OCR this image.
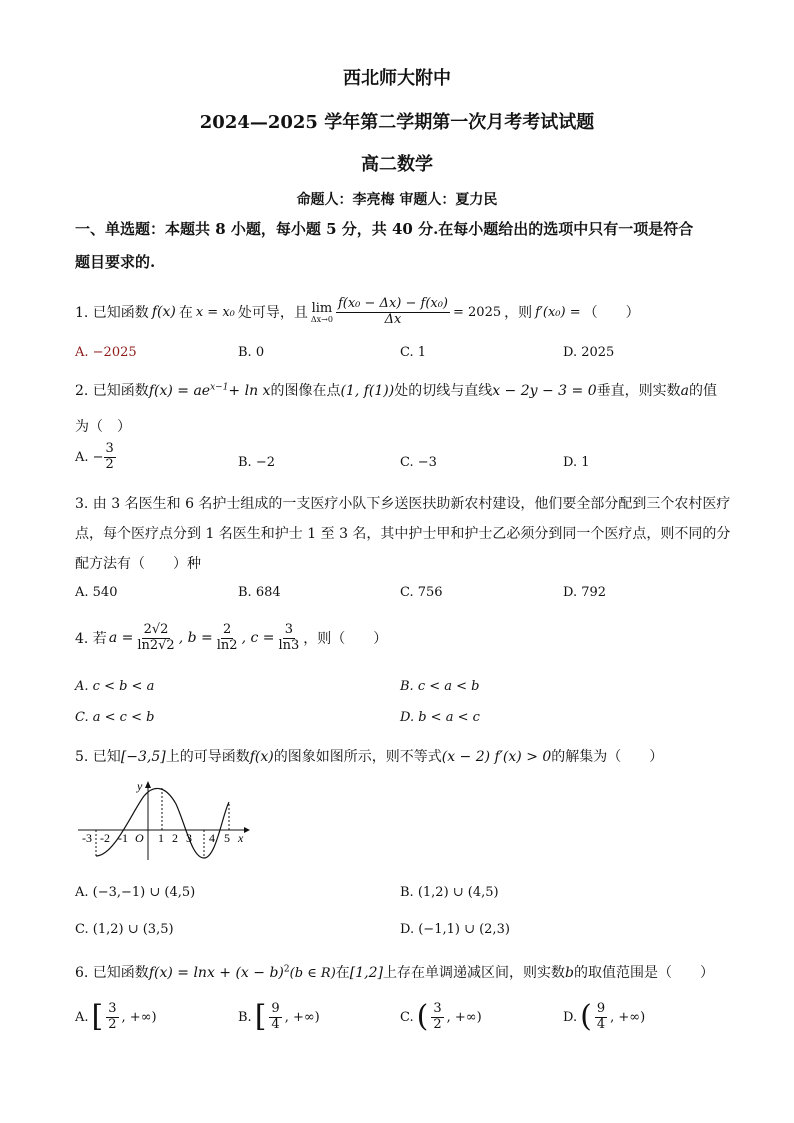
西北师大附中
2024—2025 学年第二学期第一次月考考试试题
高二数学
命题人：李亮梅 审题人：夏力民
一、单选题：本题共 8 小题，每小题 5 分，共 40 分.在每小题给出的选项中只有一项是符合
题目要求的.
1. 已知函数 f(x) 在 x = x₀ 处可导，且 lim
$\Delta x\to 0 \frac{\text{f(x₀ − Δx) − f(x₀)}}{\Delta x} = 2025$ ，则 f′(x₀) = （　　）
A. −2025	B. 0	C. 1	D. 2025
2. 已知函数$f(x) = ae^{x-1}+ \ln x$的图像在点(1, f(1))处的切线与直线x − 2y − 3 = 0垂直，则实数a的值
为（　）
A. − $\frac{3}{2}$	B. −2	C. −3	D. 1
3. 由 3 名医生和 6 名护士组成的一支医疗小队下乡送医扶助新农村建设，他们要全部分配到三个农村医疗
点，每个医疗点分到 1 名医生和护士 1 至 3 名，其中护士甲和护士乙必须分到同一个医疗点，则不同的分
配方法有（　　）种
A. 540	B. 684	C. 756	D. 792
4. 若 $a = \frac{2√2}{\ln 2√2}$ , $b = \frac{2}{\ln 2}$ , $c = \frac{3}{\ln 3}$ ，则（　　）
A. c < b < a	B. c < a < b
C. a < c < b	D. b < a < c
5. 已知[−3,5]上的可导函数f(x)的图象如图所示，则不等式(x − 2) f′(x) > 0的解集为（　　）
y
x
-3 -2 -1 O 1 2 3 4 5
A. (−3,−1) ∪ (4,5)	B. (1,2) ∪ (4,5)
C. (1,2) ∪ (3,5)	D. (−1,1) ∪ (2,3)
6. 已知函数$f(x) = \ln x + (x - b)^2(b$ ∈ R)在[1,2]上存在单调递减区间，则实数b的取值范围是（　　）
A. [ $\frac{3}{2}$ , +∞)	B. [ $\frac{9}{4}$ , +∞)	C. ( $\frac{3}{2}$ , +∞)	D. ( $\frac{9}{4}$ , +∞)
